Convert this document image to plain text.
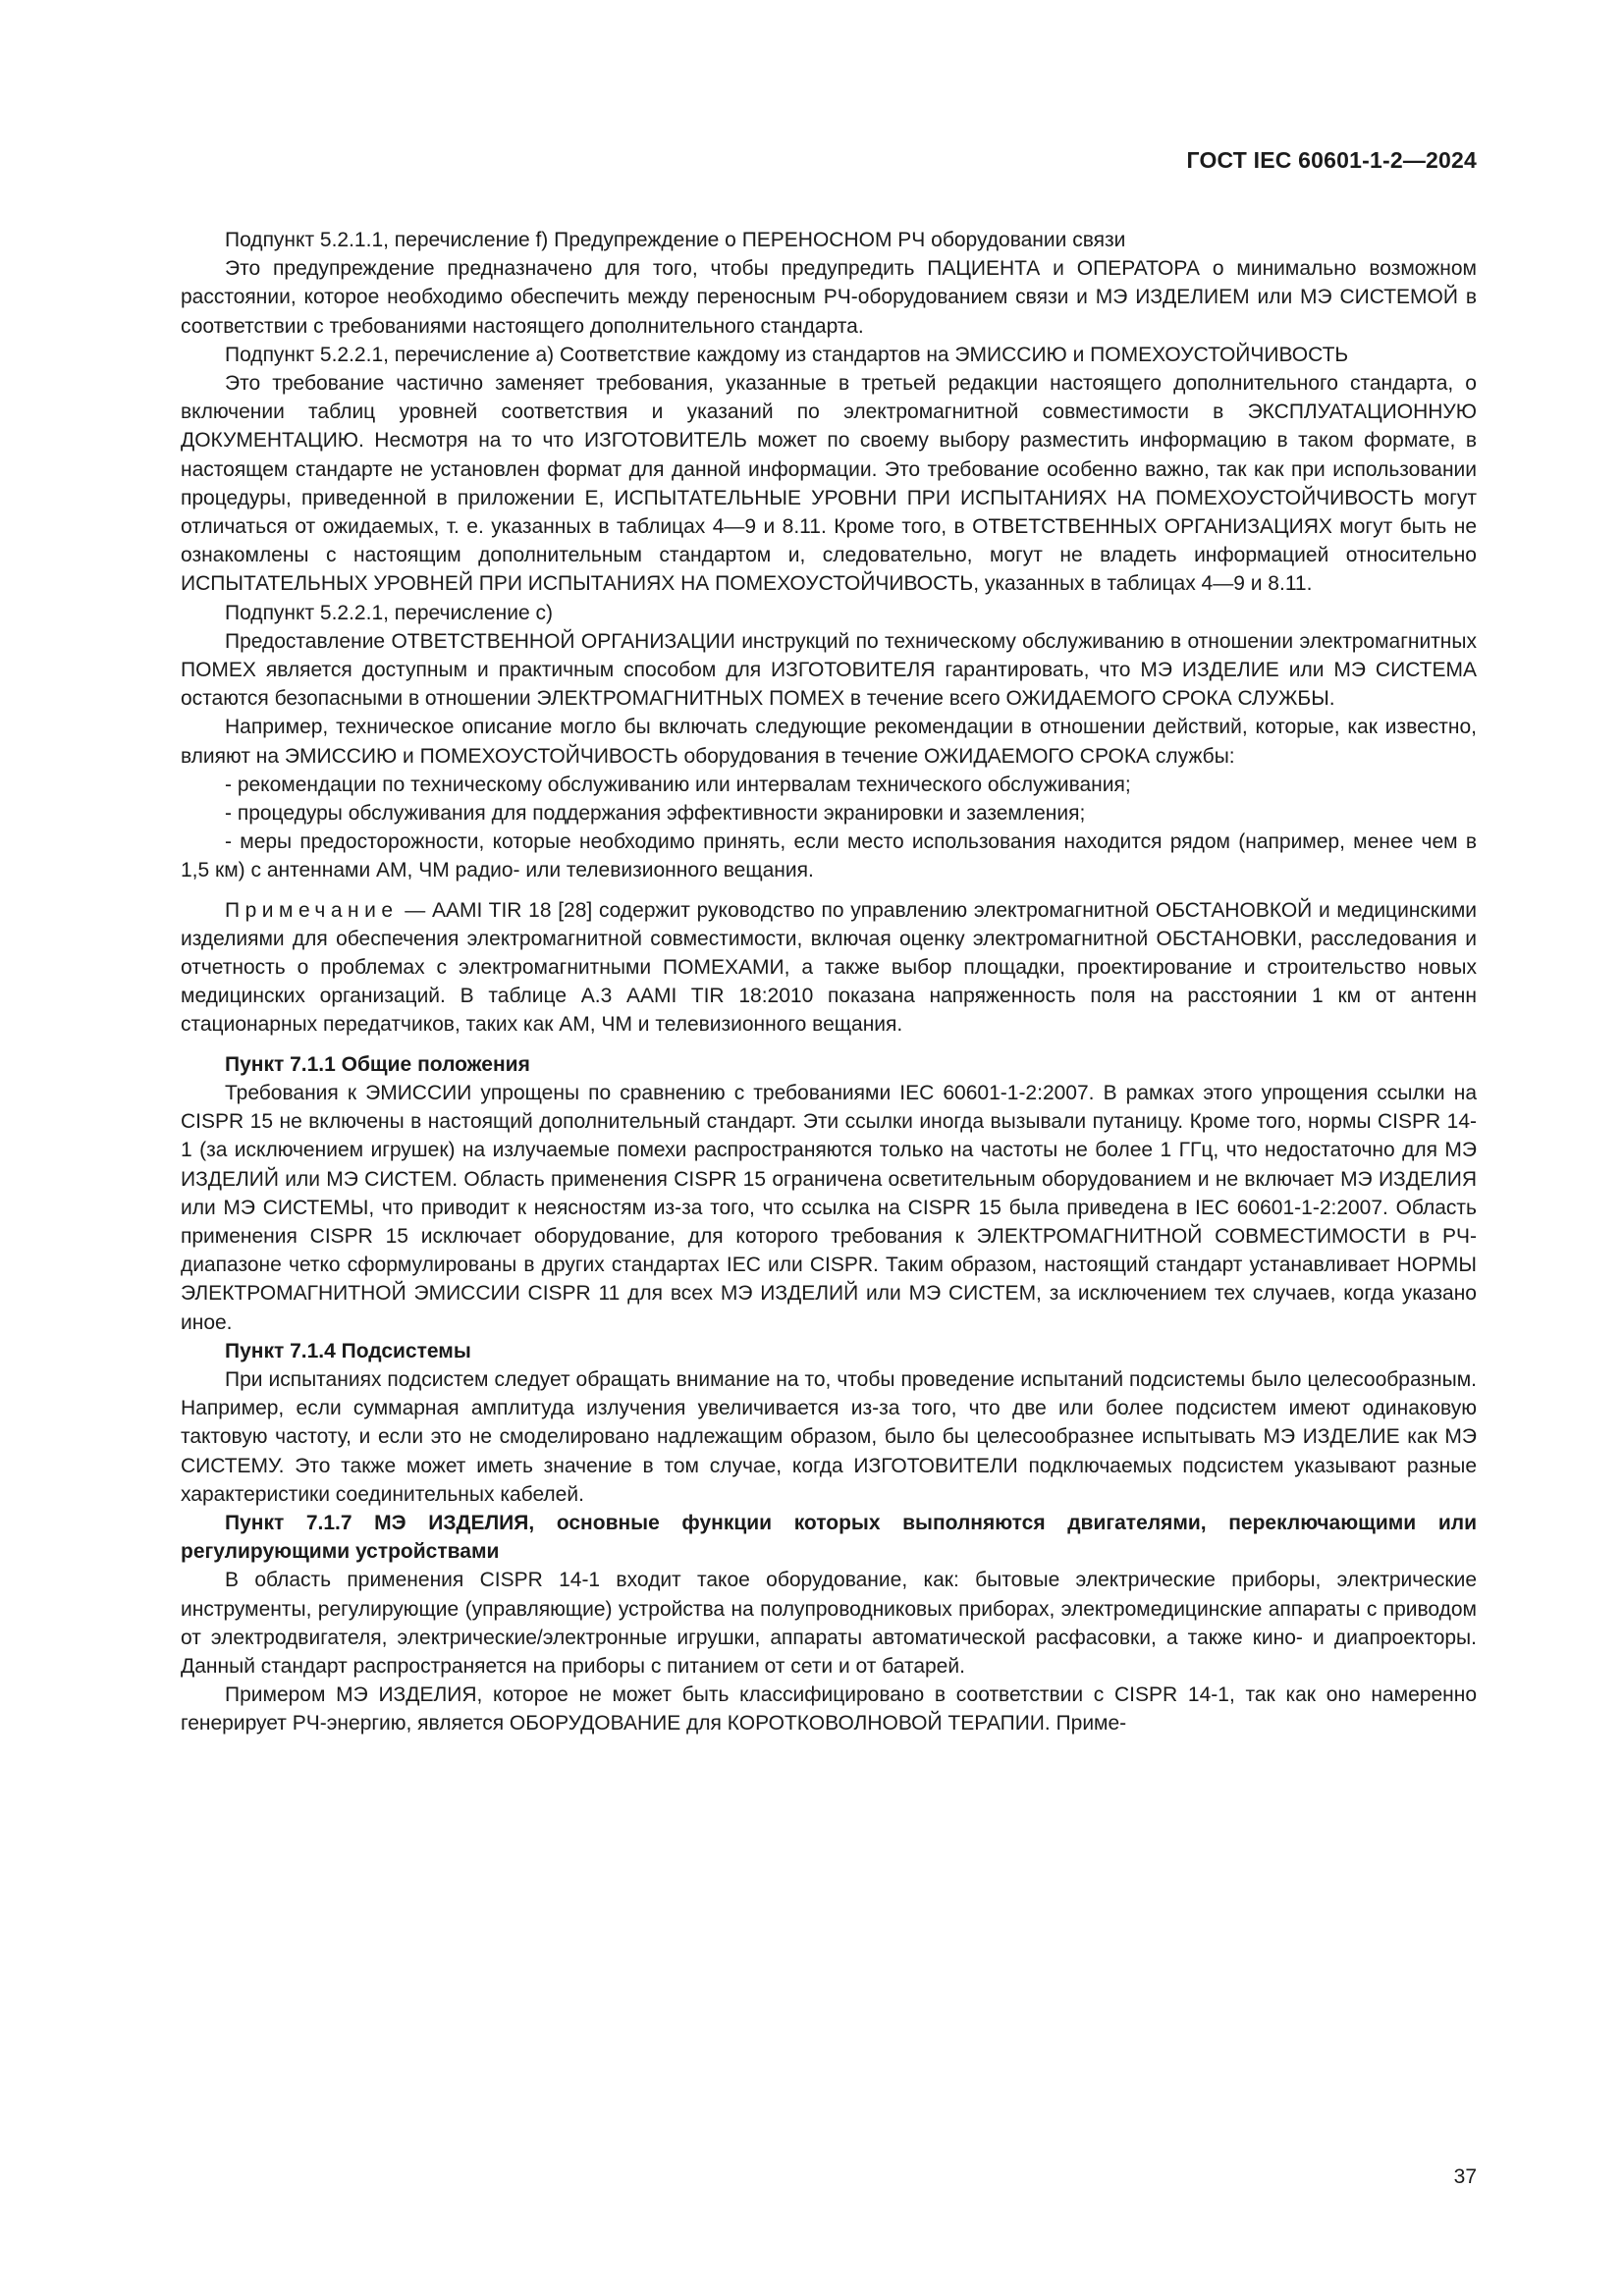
ГОСТ IEC 60601-1-2—2024

Подпункт 5.2.1.1, перечисление f) Предупреждение о ПЕРЕНОСНОМ РЧ оборудовании связи

Это предупреждение предназначено для того, чтобы предупредить ПАЦИЕНТА и ОПЕРАТОРА о минимально возможном расстоянии, которое необходимо обеспечить между переносным РЧ-оборудованием связи и МЭ ИЗДЕЛИЕМ или МЭ СИСТЕМОЙ в соответствии с требованиями настоящего дополнительного стандарта.

Подпункт 5.2.2.1, перечисление a) Соответствие каждому из стандартов на ЭМИССИЮ и ПОМЕХОУСТОЙЧИВОСТЬ

Это требование частично заменяет требования, указанные в третьей редакции настоящего дополнительного стандарта, о включении таблиц уровней соответствия и указаний по электромагнитной совместимости в ЭКСПЛУАТАЦИОННУЮ ДОКУМЕНТАЦИЮ. Несмотря на то что ИЗГОТОВИТЕЛЬ может по своему выбору разместить информацию в таком формате, в настоящем стандарте не установлен формат для данной информации. Это требование особенно важно, так как при использовании процедуры, приведенной в приложении E, ИСПЫТАТЕЛЬНЫЕ УРОВНИ ПРИ ИСПЫТАНИЯХ НА ПОМЕХОУСТОЙЧИВОСТЬ могут отличаться от ожидаемых, т. е. указанных в таблицах 4—9 и 8.11. Кроме того, в ОТВЕТСТВЕННЫХ ОРГАНИЗАЦИЯХ могут быть не ознакомлены с настоящим дополнительным стандартом и, следовательно, могут не владеть информацией относительно ИСПЫТАТЕЛЬНЫХ УРОВНЕЙ ПРИ ИСПЫТАНИЯХ НА ПОМЕХОУСТОЙЧИВОСТЬ, указанных в таблицах 4—9 и 8.11.

Подпункт 5.2.2.1, перечисление c)

Предоставление ОТВЕТСТВЕННОЙ ОРГАНИЗАЦИИ инструкций по техническому обслуживанию в отношении электромагнитных ПОМЕХ является доступным и практичным способом для ИЗГОТОВИТЕЛЯ гарантировать, что МЭ ИЗДЕЛИЕ или МЭ СИСТЕМА остаются безопасными в отношении ЭЛЕКТРОМАГНИТНЫХ ПОМЕХ в течение всего ОЖИДАЕМОГО СРОКА СЛУЖБЫ.

Например, техническое описание могло бы включать следующие рекомендации в отношении действий, которые, как известно, влияют на ЭМИССИЮ и ПОМЕХОУСТОЙЧИВОСТЬ оборудования в течение ОЖИДАЕМОГО СРОКА службы:

- рекомендации по техническому обслуживанию или интервалам технического обслуживания;

- процедуры обслуживания для поддержания эффективности экранировки и заземления;

- меры предосторожности, которые необходимо принять, если место использования находится рядом (например, менее чем в 1,5 км) с антеннами АМ, ЧМ радио- или телевизионного вещания.

Примечание — AAMI TIR 18 [28] содержит руководство по управлению электромагнитной ОБСТАНОВКОЙ и медицинскими изделиями для обеспечения электромагнитной совместимости, включая оценку электромагнитной ОБСТАНОВКИ, расследования и отчетность о проблемах с электромагнитными ПОМЕХАМИ, а также выбор площадки, проектирование и строительство новых медицинских организаций. В таблице А.3 AAMI TIR 18:2010 показана напряженность поля на расстоянии 1 км от антенн стационарных передатчиков, таких как АМ, ЧМ и телевизионного вещания.

Пункт 7.1.1 Общие положения

Требования к ЭМИССИИ упрощены по сравнению с требованиями IEC 60601-1-2:2007. В рамках этого упрощения ссылки на CISPR 15 не включены в настоящий дополнительный стандарт. Эти ссылки иногда вызывали путаницу. Кроме того, нормы CISPR 14-1 (за исключением игрушек) на излучаемые помехи распространяются только на частоты не более 1 ГГц, что недостаточно для МЭ ИЗДЕЛИЙ или МЭ СИСТЕМ. Область применения CISPR 15 ограничена осветительным оборудованием и не включает МЭ ИЗДЕЛИЯ или МЭ СИСТЕМЫ, что приводит к неясностям из-за того, что ссылка на CISPR 15 была приведена в IEC 60601-1-2:2007. Область применения CISPR 15 исключает оборудование, для которого требования к ЭЛЕКТРОМАГНИТНОЙ СОВМЕСТИМОСТИ в РЧ-диапазоне четко сформулированы в других стандартах IEC или CISPR. Таким образом, настоящий стандарт устанавливает НОРМЫ ЭЛЕКТРОМАГНИТНОЙ ЭМИССИИ CISPR 11 для всех МЭ ИЗДЕЛИЙ или МЭ СИСТЕМ, за исключением тех случаев, когда указано иное.

Пункт 7.1.4 Подсистемы

При испытаниях подсистем следует обращать внимание на то, чтобы проведение испытаний подсистемы было целесообразным. Например, если суммарная амплитуда излучения увеличивается из-за того, что две или более подсистем имеют одинаковую тактовую частоту, и если это не смоделировано надлежащим образом, было бы целесообразнее испытывать МЭ ИЗДЕЛИЕ как МЭ СИСТЕМУ. Это также может иметь значение в том случае, когда ИЗГОТОВИТЕЛИ подключаемых подсистем указывают разные характеристики соединительных кабелей.

Пункт 7.1.7 МЭ ИЗДЕЛИЯ, основные функции которых выполняются двигателями, переключающими или регулирующими устройствами

В область применения CISPR 14-1 входит такое оборудование, как: бытовые электрические приборы, электрические инструменты, регулирующие (управляющие) устройства на полупроводниковых приборах, электромедицинские аппараты с приводом от электродвигателя, электрические/электронные игрушки, аппараты автоматической расфасовки, а также кино- и диапроекторы. Данный стандарт распространяется на приборы с питанием от сети и от батарей.

Примером МЭ ИЗДЕЛИЯ, которое не может быть классифицировано в соответствии с CISPR 14-1, так как оно намеренно генерирует РЧ-энергию, является ОБОРУДОВАНИЕ для КОРОТКОВОЛНОВОЙ ТЕРАПИИ. Приме-

37
